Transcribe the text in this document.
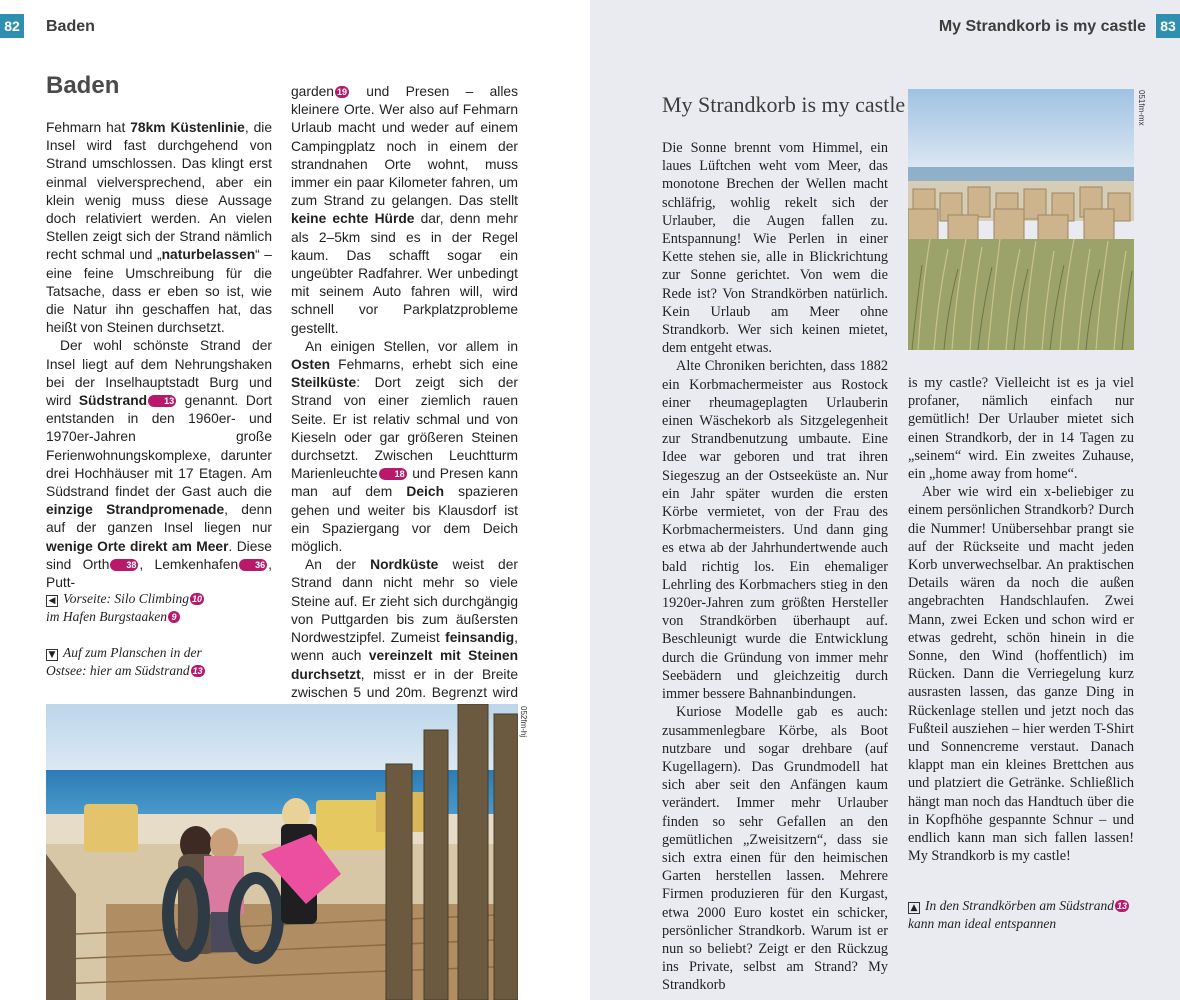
82 Baden
Baden

Fehmarn hat 78km Küstenlinie, die Insel wird fast durchgehend von Strand umschlossen. Das klingt erst einmal vielversprechend, aber ein klein wenig muss diese Aussage doch relativiert werden. An vielen Stellen zeigt sich der Strand nämlich recht schmal und „naturbelassen“ – eine feine Umschreibung für die Tatsache, dass er eben so ist, wie die Natur ihn geschaffen hat, das heißt von Steinen durchsetzt.

Der wohl schönste Strand der Insel liegt auf dem Nehrungshaken bei der Inselhauptstadt Burg und wird Südstrand 13 genannt. Dort entstanden in den 1960er- und 1970er-Jahren große Ferienwohnungskomplexe, darunter drei Hochhäuser mit 17 Etagen. Am Südstrand findet der Gast auch die einzige Strandpromenade, denn auf der ganzen Insel liegen nur wenige Orte direkt am Meer. Diese sind Orth 38 , Lemkenhafen 36 , Putt-

garden 19 und Presen – alles kleinere Orte. Wer also auf Fehmarn Urlaub macht und weder auf einem Campingplatz noch in einem der strandnahen Orte wohnt, muss immer ein paar Kilometer fahren, um zum Strand zu gelangen. Das stellt keine echte Hürde dar, denn mehr als 2–5km sind es in der Regel kaum. Das schafft sogar ein ungeübter Radfahrer. Wer unbedingt mit seinem Auto fahren will, wird schnell vor Parkplatzprobleme gestellt.

An einigen Stellen, vor allem in Osten Fehmarns, erhebt sich eine Steilküste: Dort zeigt sich der Strand von einer ziemlich rauen Seite. Er ist relativ schmal und von Kieseln oder gar größeren Steinen durchsetzt. Zwischen Leuchtturm Marienleuchte 18 und Presen kann man auf dem Deich spazieren gehen und weiter bis Klausdorf ist ein Spaziergang vor dem Deich möglich.

An der Nordküste weist der Strand dann nicht mehr so viele Steine auf. Er zieht sich durchgängig von Puttgarden bis zum äußersten Nordwestzipfel. Zumeist feinsandig, wenn auch vereinzelt mit Steinen durchsetzt, misst er in der Breite zwischen 5 und 20m. Begrenzt wird

◀ Vorseite: Silo Climbing 10
im Hafen Burgstaaken 9
▼ Auf zum Planschen in der
Ostsee: hier am Südstrand 13
052fm-hj
My Strandkorb is my castle	83
My Strandkorb is my castle	051fm-mx

Die Sonne brennt vom Himmel, ein laues Lüftchen weht vom Meer, das monotone Brechen der Wellen macht schläfrig, wohlig rekelt sich der Urlauber, die Augen fallen zu. Entspannung! Wie Perlen in einer Kette stehen sie, alle in Blickrichtung zur Sonne gerichtet. Von wem die Rede ist? Von Strandkörben natürlich. Kein Urlaub am Meer ohne Strandkorb. Wer sich keinen mietet, dem entgeht etwas.

Alte Chroniken berichten, dass 1882 ein Korbmachermeister aus Rostock einer rheumageplagten Urlauberin einen Wäschekorb als Sitzgelegenheit zur Strandbenutzung umbaute. Eine Idee war geboren und trat ihren Siegeszug an der Ostseeküste an. Nur ein Jahr später wurden die ersten Körbe vermietet, von der Frau des Korbmachermeisters. Und dann ging es etwa ab der Jahrhundertwende auch bald richtig los. Ein ehemaliger Lehrling des Korbmachers stieg in den 1920er-Jahren zum größten Hersteller von Strandkörben überhaupt auf. Beschleunigt wurde die Entwicklung durch die Gründung von immer mehr Seebädern und gleichzeitig durch immer bessere Bahnanbindungen.

Kuriose Modelle gab es auch: zusammenlegbare Körbe, als Boot nutzbare und sogar drehbare (auf Kugellagern). Das Grundmodell hat sich aber seit den Anfängen kaum verändert. Immer mehr Urlauber finden so sehr Gefallen an den gemütlichen „Zweisitzern“, dass sie sich extra einen für den heimischen Garten herstellen lassen. Mehrere Firmen produzieren für den Kurgast, etwa 2000 Euro kostet ein schicker, persönlicher Strandkorb. Warum ist er nun so beliebt? Zeigt er den Rückzug ins Private, selbst am Strand? My Strandkorb

is my castle? Vielleicht ist es ja viel profaner, nämlich einfach nur gemütlich! Der Urlauber mietet sich einen Strandkorb, der in 14 Tagen zu „seinem“ wird. Ein zweites Zuhause, ein „home away from home“.

Aber wie wird ein x-beliebiger zu einem persönlichen Strandkorb? Durch die Nummer! Unübersehbar prangt sie auf der Rückseite und macht jeden Korb unverwechselbar. An praktischen Details wären da noch die außen angebrachten Handschlaufen. Zwei Mann, zwei Ecken und schon wird er etwas gedreht, schön hinein in die Sonne, den Wind (hoffentlich) im Rücken. Dann die Verriegelung kurz ausrasten lassen, das ganze Ding in Rückenlage stellen und jetzt noch das Fußteil ausziehen – hier werden T-Shirt und Sonnencreme verstaut. Danach klappt man ein kleines Brettchen aus und platziert die Getränke. Schließlich hängt man noch das Handtuch über die in Kopfhöhe gespannte Schnur – und endlich kann man sich fallen lassen! My Strandkorb is my castle!

▲ In den Strandkörben am Südstrand 13 kann man ideal entspannen
